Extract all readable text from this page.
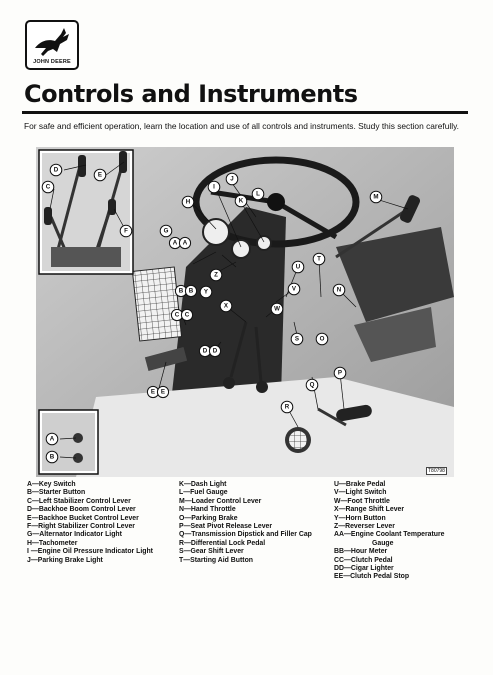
JOHN DEERE
Controls and Instruments
For safe and efficient operation, learn the location and use of all controls and instruments. Study this section carefully.
A
B
C
D
E
F	G
H
I
J
K
L	M
N
O
P
Q
R
S
T
U
V
W
X
Y
Z
A A
B B
C C
D D
E E
T80798
A—Key Switch
B—Starter Button
C—Left Stabilizer Control Lever
D—Backhoe Boom Control Lever
E—Backhoe Bucket Control Lever
F—Right Stabilizer Control Lever
G—Alternator Indicator Light
H—Tachometer
I —Engine Oil Pressure Indicator Light
J—Parking Brake Light
K—Dash Light
L—Fuel Gauge
M—Loader Control Lever
N—Hand Throttle
O—Parking Brake
P—Seat Pivot Release Lever
Q—Transmission Dipstick and Filler Cap
R—Differential Lock Pedal
S—Gear Shift Lever
T—Starting Aid Button
U—Brake Pedal
V—Light Switch
W—Foot Throttle
X—Range Shift Lever
Y—Horn Button
Z—Reverser Lever
AA—Engine Coolant Temperature
Gauge
BB—Hour Meter
CC—Clutch Pedal
DD—Cigar Lighter
EE—Clutch Pedal Stop
